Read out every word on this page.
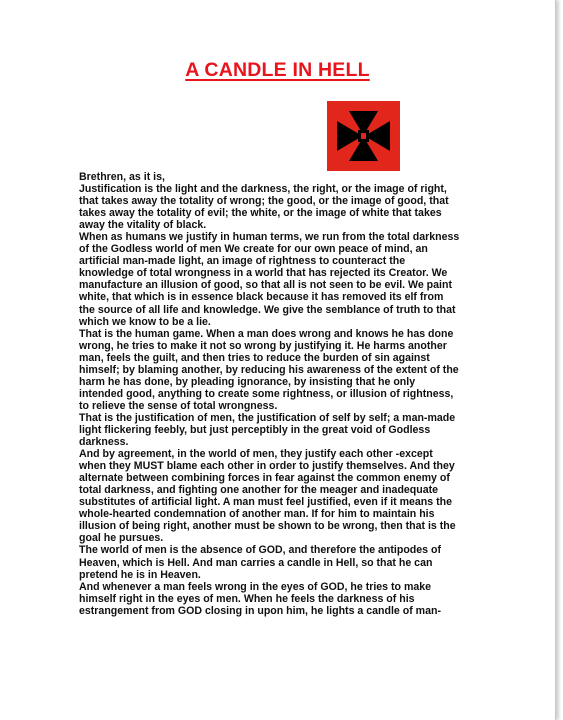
A CANDLE IN HELL
Brethren, as it is,
Justification is the light and the darkness, the right, or the image of right,
that takes away the totality of wrong; the good, or the image of good, that
takes away the totality of evil; the white, or the image of white that takes
away the vitality of black.
When as humans we justify in human terms, we run from the total darkness
of the Godless world of men We create for our own peace of mind, an
artificial man-made light, an image of rightness to counteract the
knowledge of total wrongness in a world that has rejected its Creator. We
manufacture an illusion of good, so that all is not seen to be evil. We paint
white, that which is in essence black because it has removed its elf from
the source of all life and knowledge. We give the semblance of truth to that
which we know to be a lie.
That is the human game. When a man does wrong and knows he has done
wrong, he tries to make it not so wrong by justifying it. He harms another
man, feels the guilt, and then tries to reduce the burden of sin against
himself; by blaming another, by reducing his awareness of the extent of the
harm he has done, by pleading ignorance, by insisting that he only
intended good, anything to create some rightness, or illusion of rightness,
to relieve the sense of total wrongness.
That is the justification of men, the justification of self by self; a man-made
light flickering feebly, but just perceptibly in the great void of Godless
darkness.
And by agreement, in the world of men, they justify each other -except
when they MUST blame each other in order to justify themselves. And they
alternate between combining forces in fear against the common enemy of
total darkness, and fighting one another for the meager and inadequate
substitutes of artificial light. A man must feel justified, even if it means the
whole-hearted condemnation of another man. If for him to maintain his
illusion of being right, another must be shown to be wrong, then that is the
goal he pursues.
The world of men is the absence of GOD, and therefore the antipodes of
Heaven, which is Hell. And man carries a candle in Hell, so that he can
pretend he is in Heaven.
And whenever a man feels wrong in the eyes of GOD, he tries to make
himself right in the eyes of men. When he feels the darkness of his
estrangement from GOD closing in upon him, he lights a candle of man-
